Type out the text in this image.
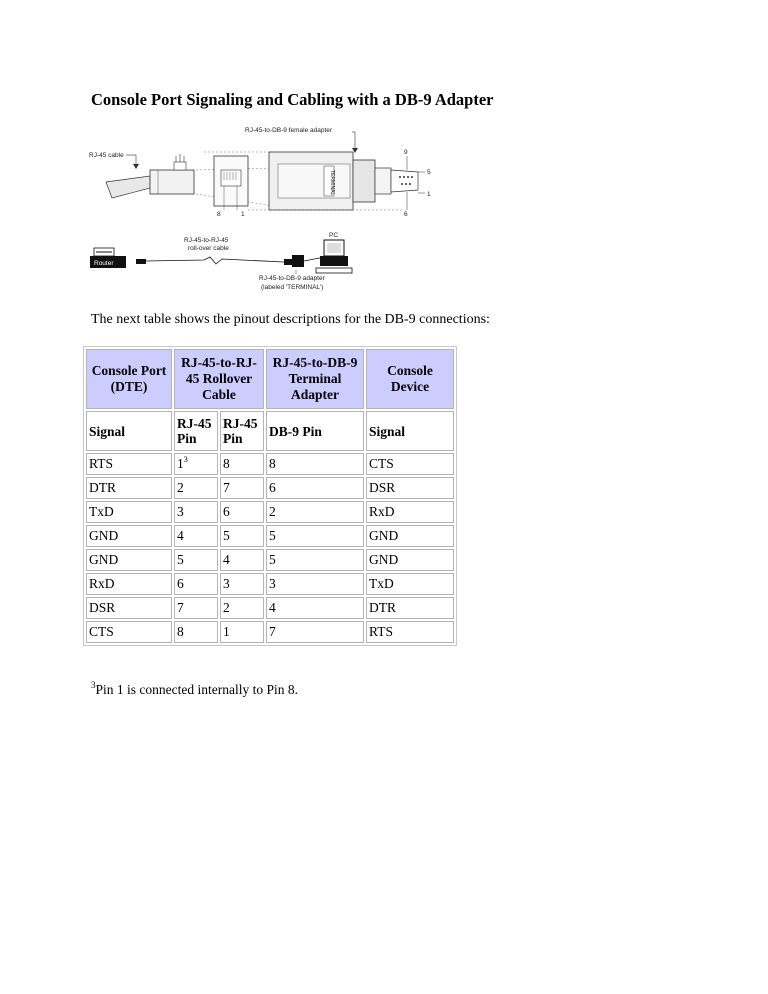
Console Port Signaling and Cabling with a DB-9 Adapter
RJ-45-to-DB-9 female adapter
RJ-45 cable
8	1
TERMINAL
9
5
1
6
Router
RJ-45-to-RJ-45
roll-over cable
PC
RJ-45-to-DB-9 adapter
(labeled 'TERMINAL')

The next table shows the pinout descriptions for the DB-9 connections:

Console Port (DTE)	RJ-45-to-RJ-45 Rollover Cable		RJ-45-to-DB-9 Terminal Adapter	Console Device
Signal	RJ-45 Pin	RJ-45 Pin	DB-9 Pin	Signal
RTS	$1^3$	8	8	CTS
DTR	2	7	6	DSR
TxD	3	6	2	RxD
GND	4	5	5	GND
GND	5	4	5	GND
RxD	6	3	3	TxD
DSR	7	2	4	DTR
CTS	8	1	7	RTS

$^3$Pin 1 is connected internally to Pin 8.
